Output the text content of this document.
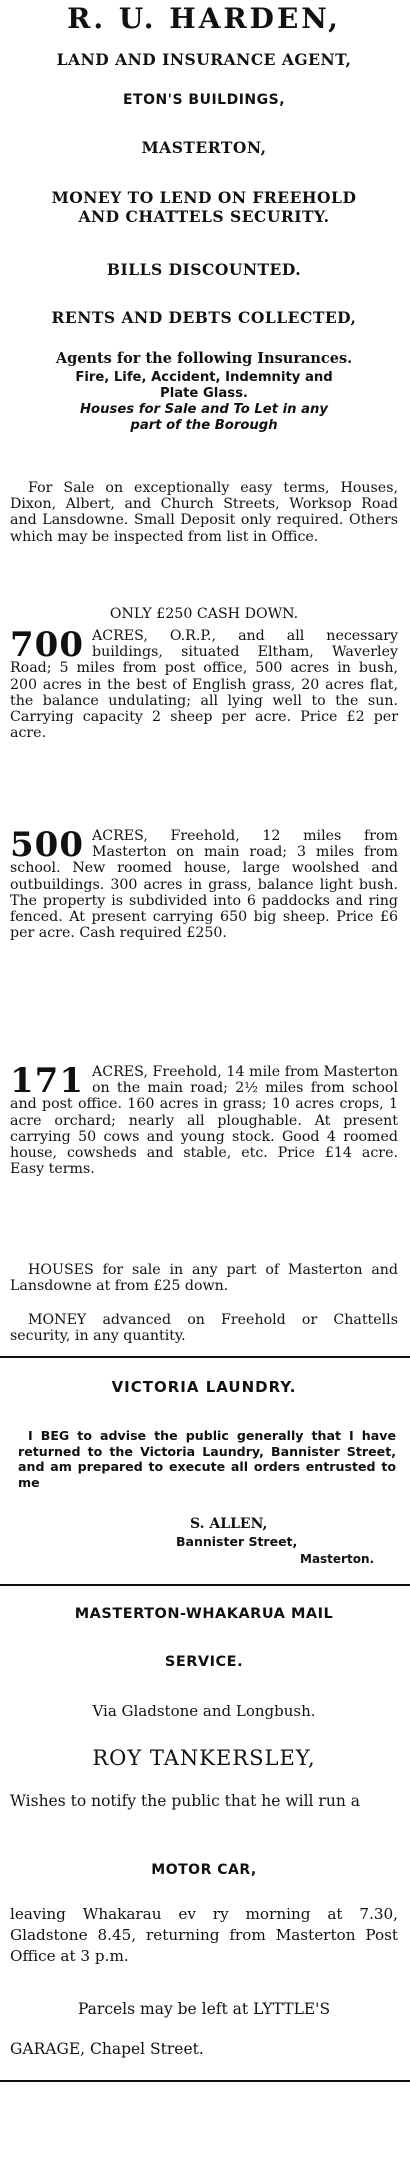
R. U. HARDEN,
LAND AND INSURANCE AGENT,
ETON'S BUILDINGS,
MASTERTON,
MONEY TO LEND ON FREEHOLD
AND CHATTELS SECURITY.
BILLS DISCOUNTED.
RENTS AND DEBTS COLLECTED,
Agents for the following Insurances.
Fire, Life, Accident, Indemnity and
Plate Glass.
Houses for Sale and To Let in any
part of the Borough
For Sale on exceptionally easy terms, Houses, Dixon, Albert, and Church Streets, Worksop Road and Lansdowne. Small Deposit only required. Others which may be inspected from list in Office.
ONLY £250 CASH DOWN.
700 ACRES, O.R.P., and all necessary buildings, situated Eltham, Waverley Road; 5 miles from post office, 500 acres in bush, 200 acres in the best of English grass, 20 acres flat, the balance undulating; all lying well to the sun. Carrying capacity 2 sheep per acre. Price £2 per acre.
500 ACRES, Freehold, 12 miles from Masterton on main road; 3 miles from school. New roomed house, large woolshed and outbuildings. 300 acres in grass, balance light bush. The property is subdivided into 6 paddocks and ring fenced. At present carrying 650 big sheep. Price £6 per acre. Cash required £250.
171 ACRES, Freehold, 14 mile from Masterton on the main road; 2½ miles from school and post office. 160 acres in grass; 10 acres crops, 1 acre orchard; nearly all ploughable. At present carrying 50 cows and young stock. Good 4 roomed house, cowsheds and stable, etc. Price £14 acre. Easy terms.
HOUSES for sale in any part of Masterton and Lansdowne at from £25 down.
MONEY advanced on Freehold or Chattells security, in any quantity.
VICTORIA LAUNDRY.
I BEG to advise the public generally that I have returned to the Victoria Laundry, Bannister Street, and am prepared to execute all orders entrusted to me
S. ALLEN,
Bannister Street,
Masterton.
MASTERTON-WHAKARUA MAIL
SERVICE.
Via Gladstone and Longbush.
ROY TANKERSLEY,
Wishes to notify the public that he will run a
MOTOR CAR,
leaving Whakarau ev ry morning at 7.30, Gladstone 8.45, returning from Masterton Post Office at 3 p.m.
Parcels may be left at LYTTLE'S
GARAGE, Chapel Street.
